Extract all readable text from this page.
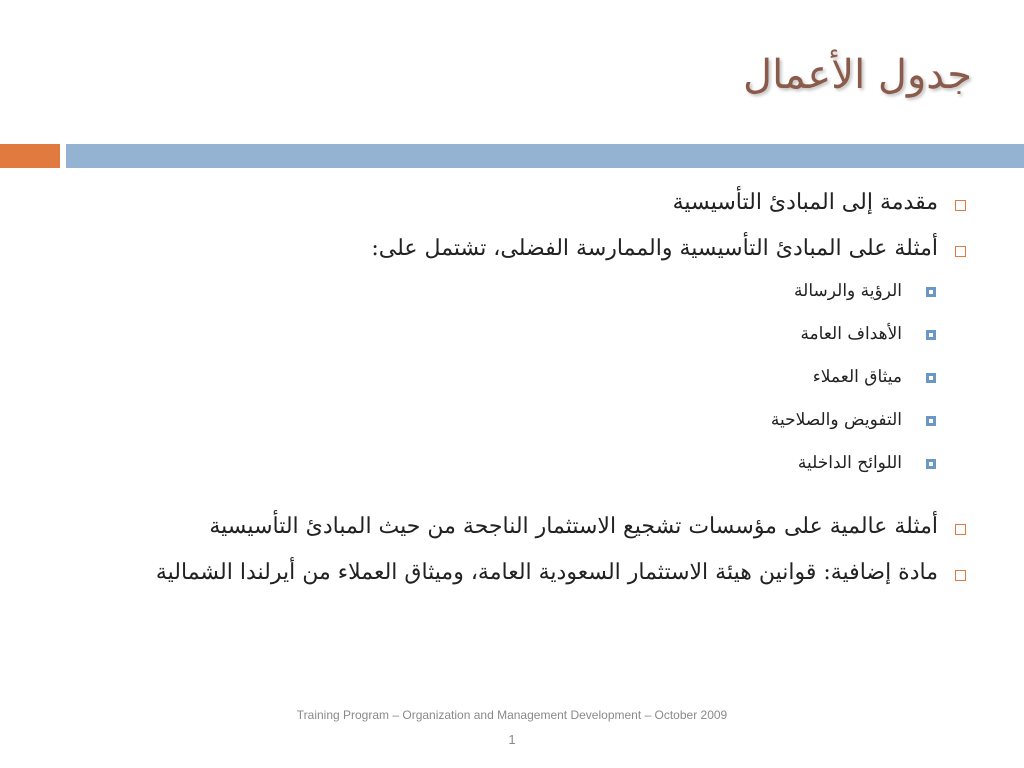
جدول الأعمال
مقدمة إلى المبادئ التأسيسية
أمثلة على المبادئ التأسيسية والممارسة الفضلى، تشتمل على:
الرؤية والرسالة
الأهداف العامة
ميثاق العملاء
التفويض والصلاحية
اللوائح الداخلية
أمثلة عالمية على مؤسسات تشجيع الاستثمار الناجحة من حيث المبادئ التأسيسية
مادة إضافية: قوانين هيئة الاستثمار السعودية العامة، وميثاق العملاء من أيرلندا الشمالية
Training Program – Organization and Management Development – October 2009
1
